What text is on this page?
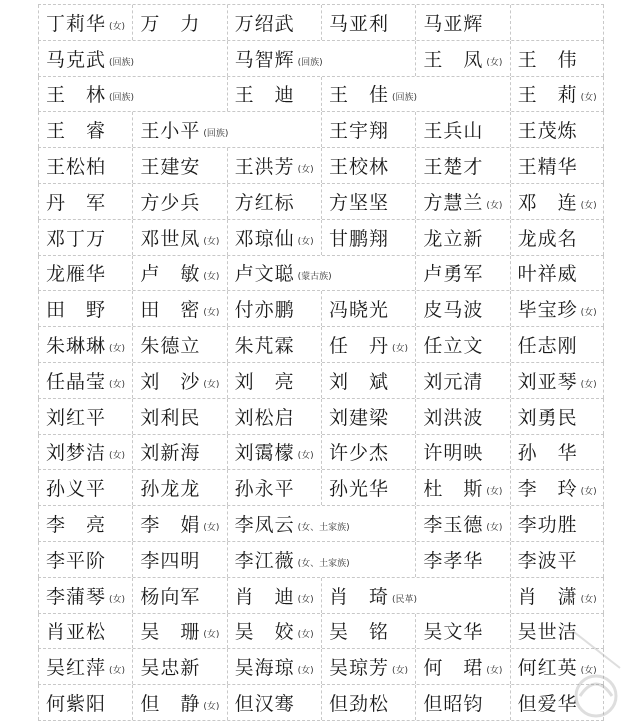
丁莉华 (女) 万　力 万绍武 马亚利 马亚辉
马克武 (回族)	马智辉 (回族)	王　凤 (女) 王　伟
王　林 (回族)	王　迪 王　佳 (回族)	王　莉 (女)
王　睿 王小平 (回族)	王宇翔 王兵山 王茂炼
王松柏 王建安 王洪芳 (女) 王校林 王楚才 王精华
丹　军 方少兵 方红标 方坚坚 方慧兰 (女) 邓　连 (女)
邓丁万 邓世凤 (女) 邓琼仙 (女) 甘鹏翔 龙立新 龙成名
龙雁华 卢　敏 (女) 卢文聪 (蒙古族)	卢勇军 叶祥威
田　野 田　密 (女) 付亦鹏 冯晓光 皮马波 毕宝珍 (女)
朱琳琳 (女) 朱德立 朱芃霖 任　丹 (女) 任立文 任志刚
任晶莹 (女) 刘　沙 (女) 刘　亮 刘　斌 刘元清 刘亚琴 (女)
刘红平 刘利民 刘松启 刘建梁 刘洪波 刘勇民
刘梦洁 (女) 刘新海 刘霭檬 (女) 许少杰 许明映 孙　华
孙义平 孙龙龙 孙永平 孙光华 杜　斯 (女) 李　玲 (女)
李　亮 李　娟 (女) 李凤云 (女、土家族)	李玉德 (女) 李功胜
李平阶 李四明 李江薇 (女、土家族)	李孝华 李波平
李蒲琴 (女) 杨向军 肖　迪 (女) 肖　琦 (民革)	肖　潇 (女)
肖亚松 吴　珊 (女) 吴　姣 (女) 吴　铭 吴文华 吴世洁
吴红萍 (女) 吴忠新 吴海琼 (女) 吴琼芳 (女) 何　珺 (女) 何红英 (女)
何紫阳 但　静 (女) 但汉骞 但劲松 但昭钧 但爱华
